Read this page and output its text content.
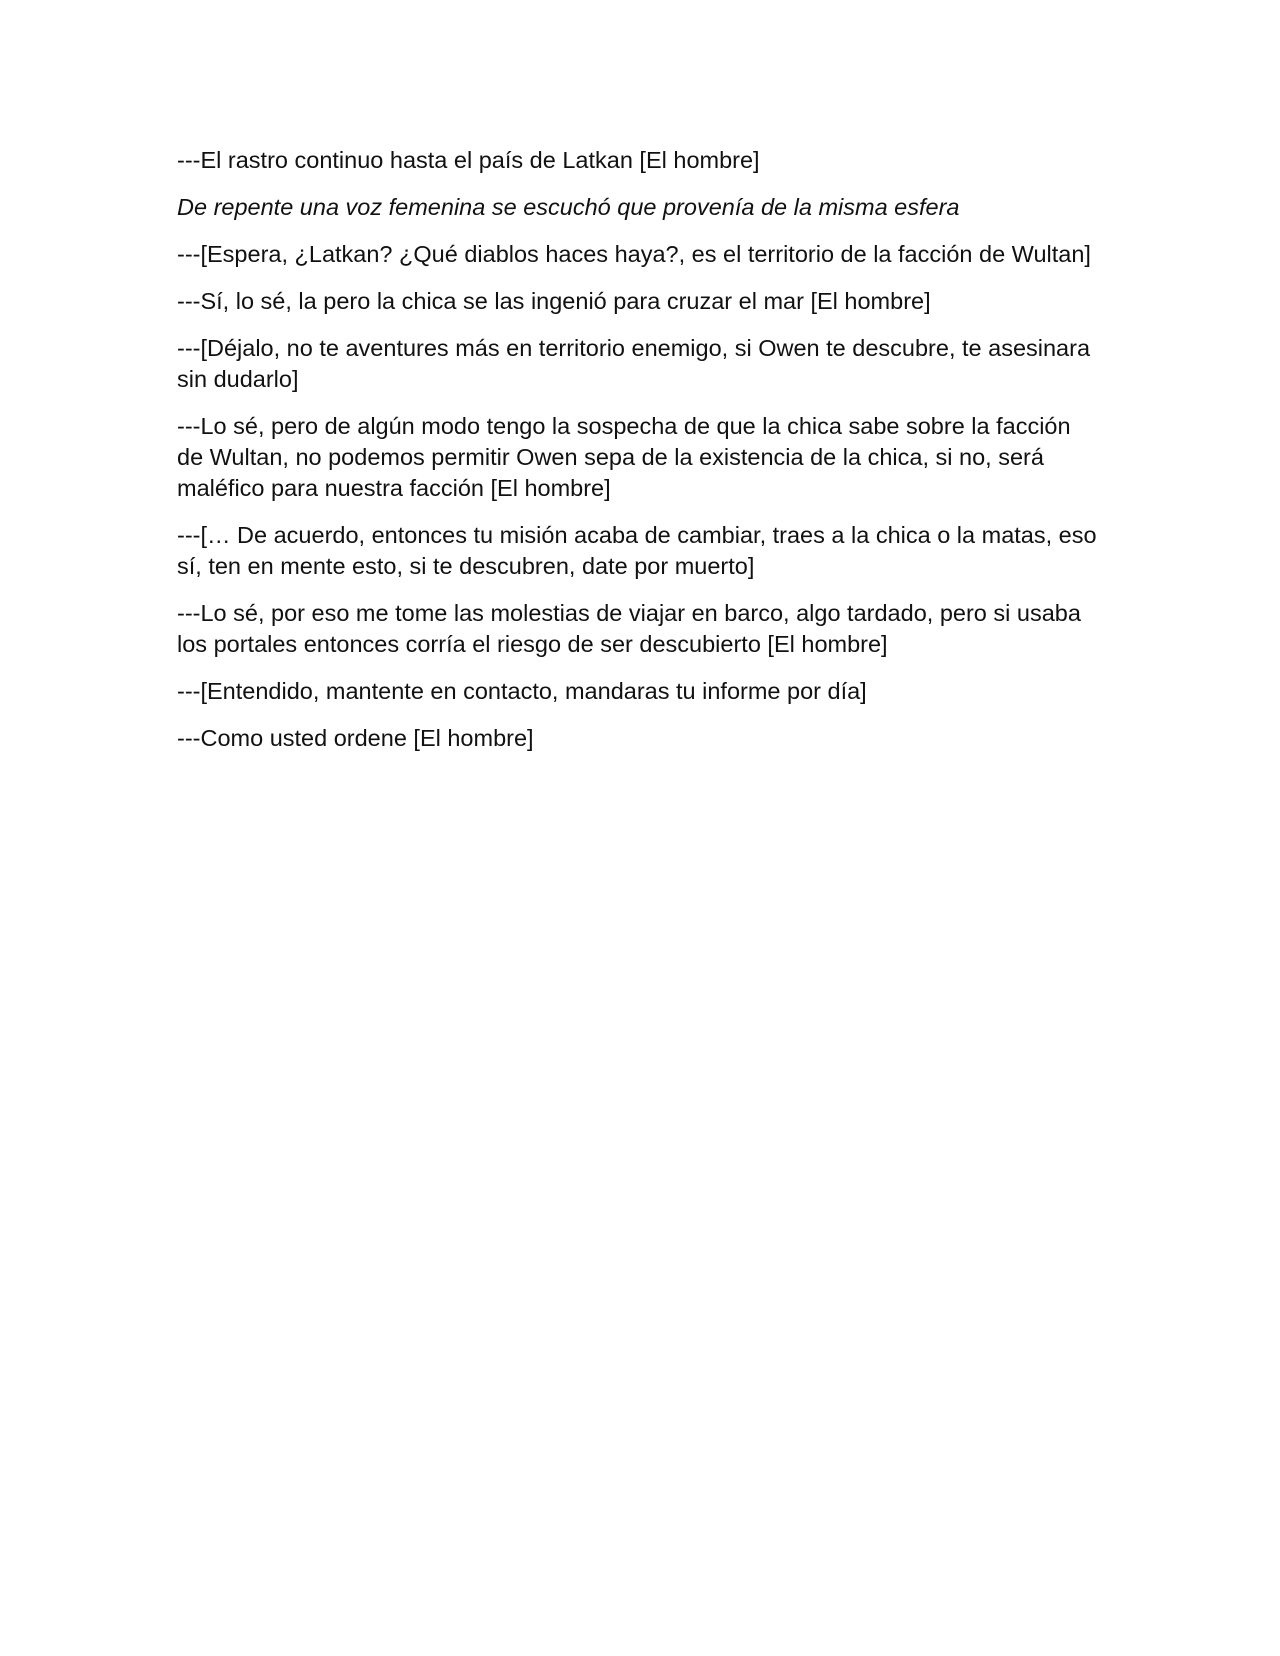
---El rastro continuo hasta el país de Latkan [El hombre]

De repente una voz femenina se escuchó que provenía de la misma esfera

---[Espera, ¿Latkan? ¿Qué diablos haces haya?, es el territorio de la facción de Wultan]

---Sí, lo sé, la pero la chica se las ingenió para cruzar el mar [El hombre]

---[Déjalo, no te aventures más en territorio enemigo, si Owen te descubre, te asesinara sin dudarlo]

---Lo sé, pero de algún modo tengo la sospecha de que la chica sabe sobre la facción de Wultan, no podemos permitir Owen sepa de la existencia de la chica, si no, será maléfico para nuestra facción [El hombre]

---[… De acuerdo, entonces tu misión acaba de cambiar, traes a la chica o la matas, eso sí, ten en mente esto, si te descubren, date por muerto]

---Lo sé, por eso me tome las molestias de viajar en barco, algo tardado, pero si usaba los portales entonces corría el riesgo de ser descubierto [El hombre]

---[Entendido, mantente en contacto, mandaras tu informe por día]

---Como usted ordene [El hombre]
